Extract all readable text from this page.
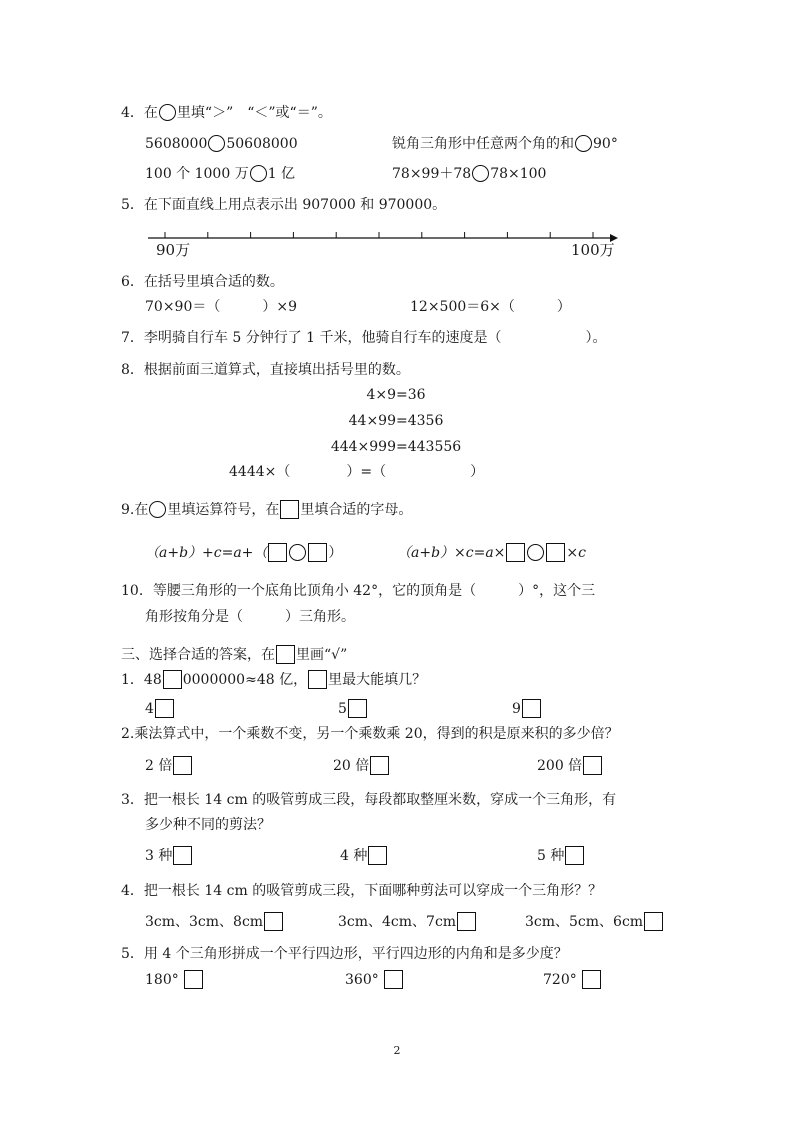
4．在 里填“＞”　“＜”或“＝”。
5608000 50608000	锐角三角形中任意两个角的和 90°
100 个 1000 万 1 亿	78×99＋78 78×100
5．在下面直线上用点表示出 907000 和 970000。
90万	100万
6．在括号里填合适的数。
70×90＝（　　　）×9	12×500＝6×（　　　）
7．李明骑自行车 5 分钟行了 1 千米，他骑自行车的速度是（　　　　　　）。
8．根据前面三道算式，直接填出括号里的数。
4×9=36
44×99=4356
444×999=443556
4444×（　　　　）=（　　　　　　）
9.在 里填运算符号，在 里填合适的字母。
（a+b）+c=a+（	）	（a+b）×c=a×	×c
10．等腰三角形的一个底角比顶角小 42°，它的顶角是（　　　）°，这个三
角形按角分是（　　　）三角形。
三、选择合适的答案，在 里画“√”
1．48 0000000≈48 亿， 里最大能填几？
4	5	9
2.乘法算式中，一个乘数不变，另一个乘数乘 20，得到的积是原来积的多少倍？
2 倍	20 倍	200 倍
3．把一根长 14 cm 的吸管剪成三段，每段都取整厘米数，穿成一个三角形，有
多少种不同的剪法？
3 种	4 种	5 种
4．把一根长 14 cm 的吸管剪成三段，下面哪种剪法可以穿成一个三角形？？
3cm、3cm、8cm	3cm、4cm、7cm	3cm、5cm、6cm
5．用 4 个三角形拼成一个平行四边形，平行四边形的内角和是多少度？
180°	360°	720°
2
